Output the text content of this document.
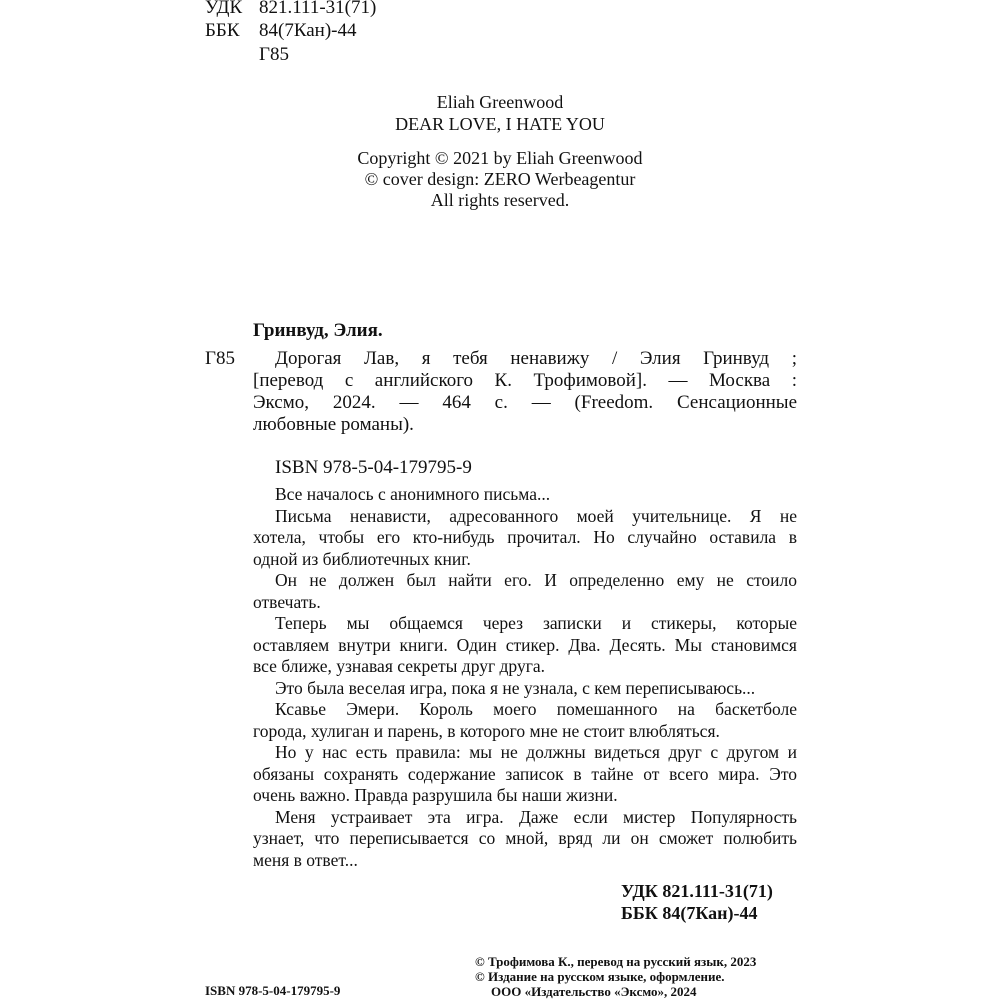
УДК 821.111-31(71)
ББК 84(7Кан)-44
Г85
Eliah Greenwood
DEAR LOVE, I HATE YOU
Copyright © 2021 by Eliah Greenwood
© cover design: ZERO Werbeagentur
All rights reserved.
Гринвуд, Элия.
Г85	Дорогая Лав, я тебя ненавижу / Элия Гринвуд ;
[перевод с английского К. Трофимовой]. — Москва :
Эксмо, 2024. — 464 с. — (Freedom. Сенсационные
любовные романы).
ISBN 978-5-04-179795-9
Все началось с анонимного письма...
Письма ненависти, адресованного моей учительнице. Я не
хотела, чтобы его кто-нибудь прочитал. Но случайно оставила в
одной из библиотечных книг.
Он не должен был найти его. И определенно ему не стоило
отвечать.
Теперь мы общаемся через записки и стикеры, которые
оставляем внутри книги. Один стикер. Два. Десять. Мы становимся
все ближе, узнавая секреты друг друга.
Это была веселая игра, пока я не узнала, с кем переписываюсь...
Ксавье Эмери. Король моего помешанного на баскетболе
города, хулиган и парень, в которого мне не стоит влюбляться.
Но у нас есть правила: мы не должны видеться друг с другом и
обязаны сохранять содержание записок в тайне от всего мира. Это
очень важно. Правда разрушила бы наши жизни.
Меня устраивает эта игра. Даже если мистер Популярность
узнает, что переписывается со мной, вряд ли он сможет полюбить
меня в ответ...
УДК 821.111-31(71)
ББК 84(7Кан)-44
ISBN 978-5-04-179795-9
© Трофимова К., перевод на русский язык, 2023
© Издание на русском языке, оформление.
ООО «Издательство «Эксмо», 2024
